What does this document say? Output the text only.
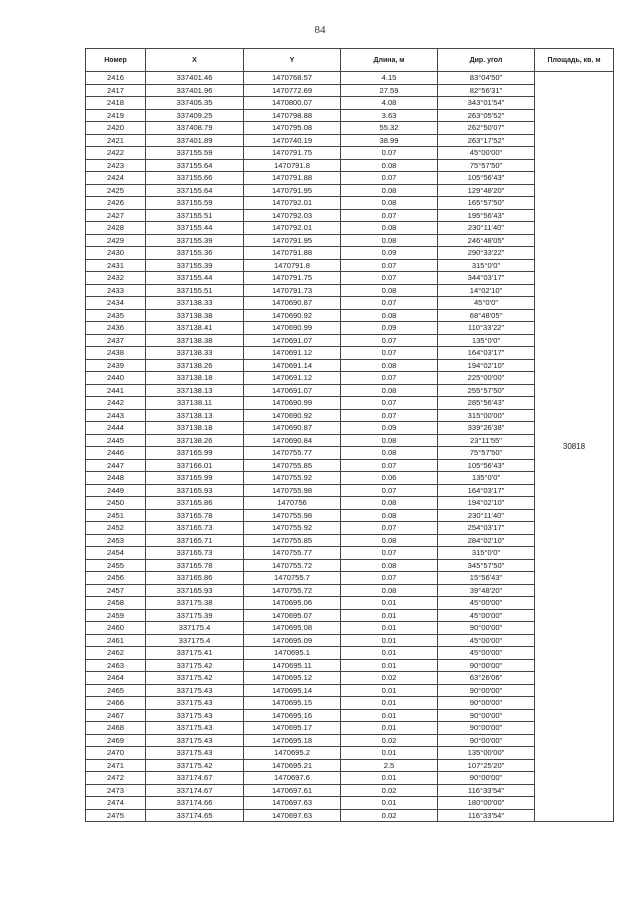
84
Номер	X	Y	Длина, м	Дир. угол	Площадь, кв. м
2416	337401.46	1470768.57	4.15	83°04'50"	30818
2417	337401.96	1470772.69	27.59	82°56'31"	
2418	337405.35	1470800.07	4.08	343°01'54"	
2419	337409.25	1470798.88	3.63	263°05'52"	
2420	337408.79	1470795.08	55.32	262°50'07"	
2421	337401.89	1470740.19	38.99	263°17'52"	
2422	337155.59	1470791.75	0.07	45°00'00"	
2423	337155.64	1470791.8	0.08	75°57'50"	
2424	337155.66	1470791.88	0.07	105°56'43"	
2425	337155.64	1470791.95	0.08	129°48'20"	
2426	337155.59	1470792.01	0.08	165°57'50"	
2427	337155.51	1470792.03	0.07	195°56'43"	
2428	337155.44	1470792.01	0.08	230°11'40"	
2429	337155.39	1470791.95	0.08	246°48'05"	
2430	337155.36	1470791.88	0.09	290°33'22"	
2431	337155.39	1470791.8	0.07	315°0'0"	
2432	337155.44	1470791.75	0.07	344°03'17"	
2433	337155.51	1470791.73	0.08	14°02'10"	
2434	337138.33	1470690.87	0.07	45°0'0"	
2435	337138.38	1470690.92	0.08	68°48'05"	
2436	337138.41	1470690.99	0.09	110°33'22"	
2437	337138.38	1470691.07	0.07	135°0'0"	
2438	337138.33	1470691.12	0.07	164°03'17"	
2439	337138.26	1470691.14	0.08	194°02'10"	
2440	337138.18	1470691.12	0.07	225°00'00"	
2441	337138.13	1470691.07	0.08	255°57'50"	
2442	337138.11	1470690.99	0.07	285°56'43"	
2443	337138.13	1470690.92	0.07	315°00'00"	
2444	337138.18	1470690.87	0.09	339°26'38"	
2445	337138.26	1470690.84	0.08	23°11'55"	
2446	337165.99	1470755.77	0.08	75°57'50"	
2447	337166.01	1470755.85	0.07	105°56'43"	
2448	337165.99	1470755.92	0.06	135°0'0"	
2449	337165.93	1470755.98	0.07	164°03'17"	
2450	337165.86	1470756	0.08	194°02'10"	
2451	337165.78	1470755.98	0.08	230°11'40"	
2452	337165.73	1470755.92	0.07	254°03'17"	
2453	337165.71	1470755.85	0.08	284°02'10"	
2454	337165.73	1470755.77	0.07	315°0'0"	
2455	337165.78	1470755.72	0.08	345°57'50"	
2456	337165.86	1470755.7	0.07	15°56'43"	
2457	337165.93	1470755.72	0.08	39°48'20"	
2458	337175.38	1470695.06	0.01	45°00'00"	
2459	337175.39	1470695.07	0.01	45°00'00"	
2460	337175.4	1470695.08	0.01	90°00'00"	
2461	337175.4	1470695.09	0.01	45°00'00"	
2462	337175.41	1470695.1	0.01	45°00'00"	
2463	337175.42	1470695.11	0.01	90°00'00"	
2464	337175.42	1470695.12	0.02	63°26'06"	
2465	337175.43	1470695.14	0.01	90°00'00"	
2466	337175.43	1470695.15	0.01	90°00'00"	
2467	337175.43	1470695.16	0.01	90°00'00"	
2468	337175.43	1470695.17	0.01	90°00'00"	
2469	337175.43	1470695.18	0.02	90°00'00"	
2470	337175.43	1470695.2	0.01	135°00'00"	
2471	337175.42	1470695.21	2.5	107°25'20"	
2472	337174.67	1470697.6	0.01	90°00'00"	
2473	337174.67	1470697.61	0.02	116°33'54"	
2474	337174.66	1470697.63	0.01	180°00'00"	
2475	337174.65	1470697.63	0.02	116°33'54"	
